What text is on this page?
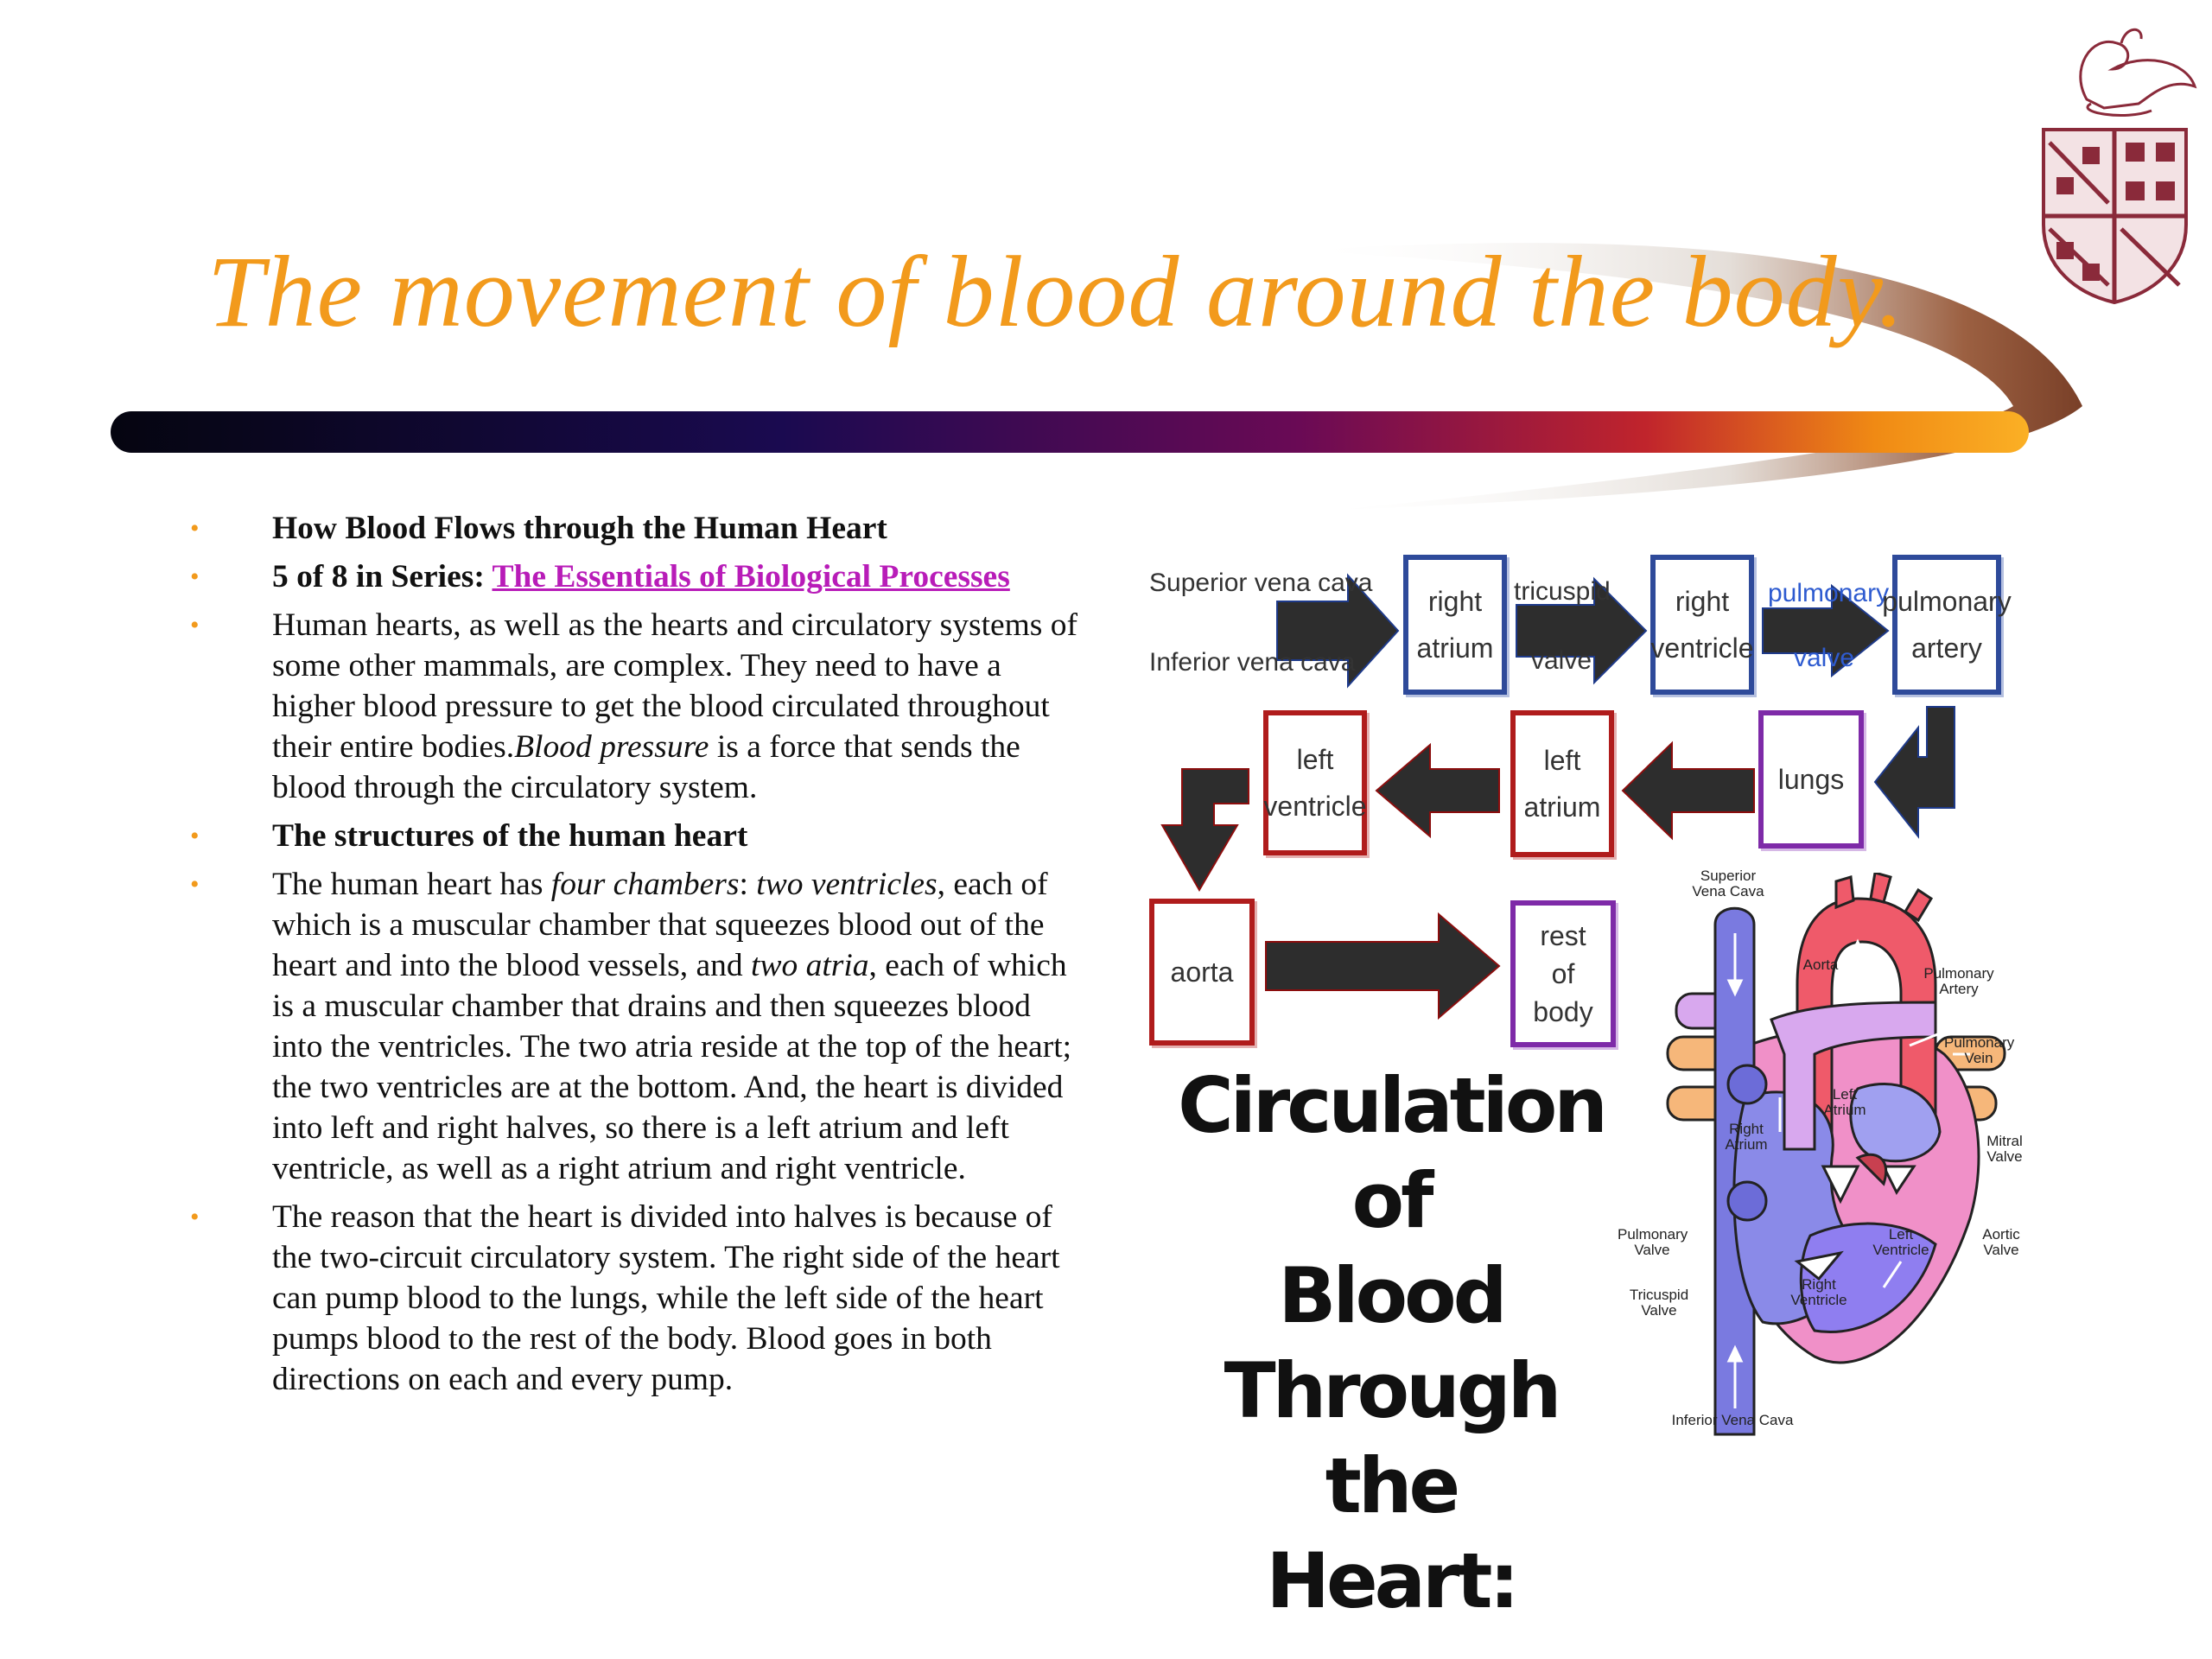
The movement of blood around the body.
• How Blood Flows through the Human Heart
• 5 of 8 in Series: The Essentials of Biological Processes
• Human hearts, as well as the hearts and circulatory systems of some other mammals, are complex. They need to have a higher blood pressure to get the blood circulated throughout their entire bodies.Blood pressure is a force that sends the blood through the circulatory system.
• The structures of the human heart
• The human heart has four chambers: two ventricles, each of which is a muscular chamber that squeezes blood out of the heart and into the blood vessels, and two atria, each of which is a muscular chamber that drains and then squeezes blood into the ventricles. The two atria reside at the top of the heart; the two ventricles are at the bottom. And, the heart is divided into left and right halves, so there is a left atrium and left ventricle, as well as a right atrium and right ventricle.
• The reason that the heart is divided into halves is because of the two-circuit circulatory system. The right side of the heart can pump blood to the lungs, while the left side of the heart pumps blood to the rest of the body. Blood goes in both directions on each and every pump.
Superior vena cava
Inferior vena cava
right
atrium
tricuspid
valve
right
ventricle
pulmonary
valve
pulmonary
artery
lungs
left
atrium
left
ventricle
aorta
rest
of
body
Circulation of
Blood
Through the
Heart:
Superior Vena Cava
Aorta
Pulmonary Artery
Pulmonary Vein
Left Atrium
Right Atrium	Mitral Valve
Pulmonary Valve
Left Ventricle
Aortic Valve
Tricuspid Valve
Right Ventricle
Inferior Vena Cava
